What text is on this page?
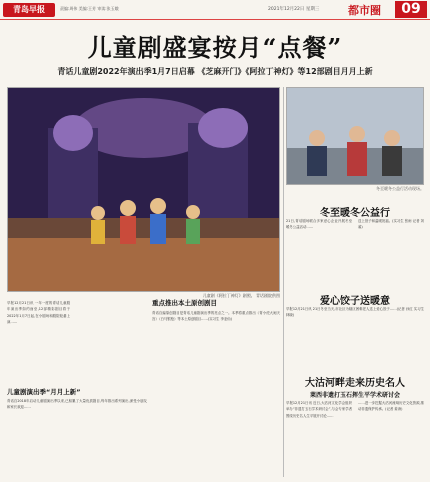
青岛早报	责编:周伟 美编:王芳 审读:张玉娥	2021年12月22日 星期三	都市圈	09
儿童剧盛宴按月“点餐”
青话儿童剧2022年演出季1月7日启幕 《芝麻开门》《阿拉丁神灯》等12部剧目月月上新
儿童剧《阿拉丁神灯》剧照。 青话剧院供图
早报12月21日讯 一年一度的青话儿童剧年演出季如约而至,12部精彩剧目将于2022年1月7日起,在小剧场和剧院轮番上演……
儿童剧演出季“月月上新”
青话自2018年启动儿童剧演出季以来,已积累了大量优质剧目,每年推出系列演出,深受小朋友和家长欢迎……
重点推出本土原创剧目
青话自编原创剧目是青话儿童剧演出季的亮点之一。本季将重点推出《青小虎大闹天宫》《白马银枪》等本土原创剧目……(实习生 李亚仙)
冬至暖冬公益行活动现场。
冬至暖冬公益行
21日,青话剧场联合多家爱心企业开展冬至暖冬公益活动……
送上饺子和温暖祝福。(实习生 张雨 记者 刘睿)
爱心饺子送暖意
早报12月21日讯 21日冬至当天,市社区为辖区困难老人送上爱心饺子……(记者 孙红 实习生 林晓)
大沽河畔走来历史名人
莱西非遗打玉石挥生平学术研讨会
早报12月21日讯 近日,大沽河文化学会组织举办“非遗打玉石学术研讨会”,与会专家学者围绕历史名人生平展开讨论……
……进一步挖掘大沽河流域历史文化资源,推动非遗保护传承。(记者 姜涛)
